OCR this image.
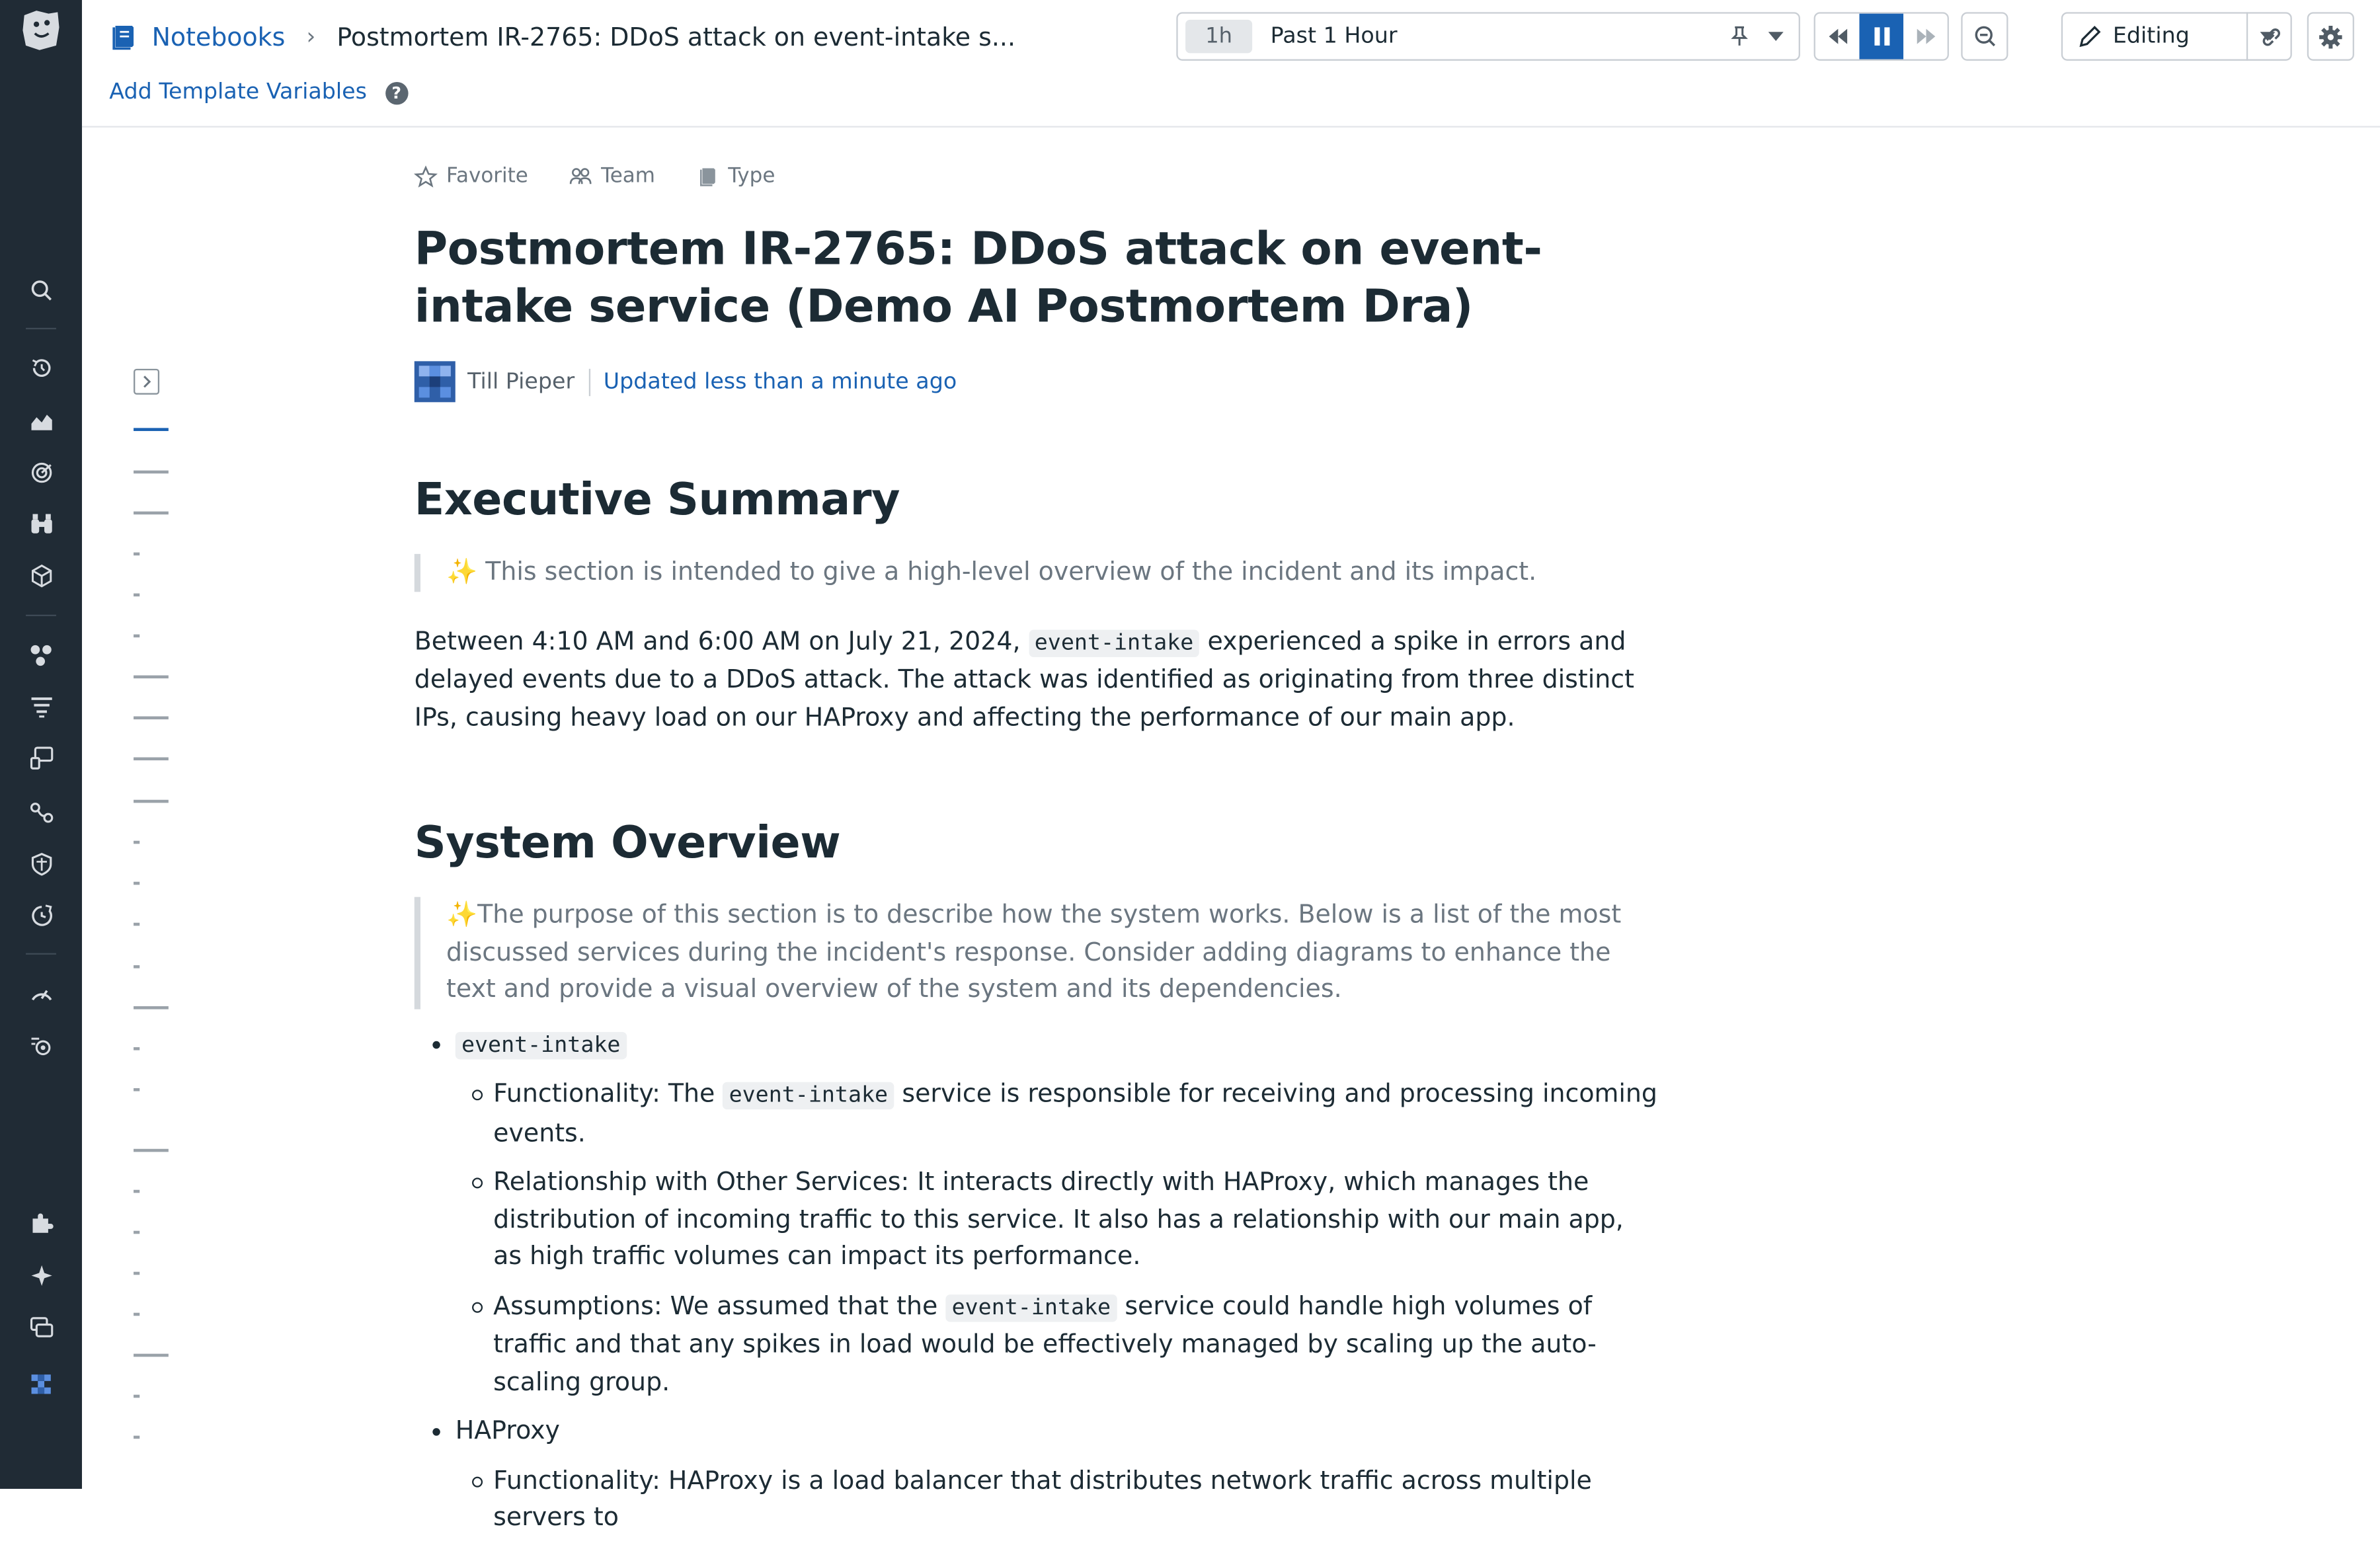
Notebooks › Postmortem IR-2765: DDoS attack on event-intake s...
Add Template Variables	?
1h	Past 1 Hour	Editing
Favorite	Team	Type
Postmortem IR-2765: DDoS attack on event-intake service (Demo AI Postmortem Dra)
Till Pieper	Updated less than a minute ago
Executive Summary
✨ This section is intended to give a high-level overview of the incident and its impact.

Between 4:10 AM and 6:00 AM on July 21, 2024, event-intake experienced a spike in errors and delayed events due to a DDoS attack. The attack was identified as originating from three distinct IPs, causing heavy load on our HAProxy and affecting the performance of our main app.

System Overview
✨The purpose of this section is to describe how the system works. Below is a list of the most discussed services during the incident's response. Consider adding diagrams to enhance the text and provide a visual overview of the system and its dependencies.
event-intake
Functionality: The event-intake service is responsible for receiving and processing incoming events.
Relationship with Other Services: It interacts directly with HAProxy, which manages the distribution of incoming traffic to this service. It also has a relationship with our main app, as high traffic volumes can impact its performance.
Assumptions: We assumed that the event-intake service could handle high volumes of traffic and that any spikes in load would be effectively managed by scaling up the auto-scaling group.
HAProxy
Functionality: HAProxy is a load balancer that distributes network traffic across multiple servers to
